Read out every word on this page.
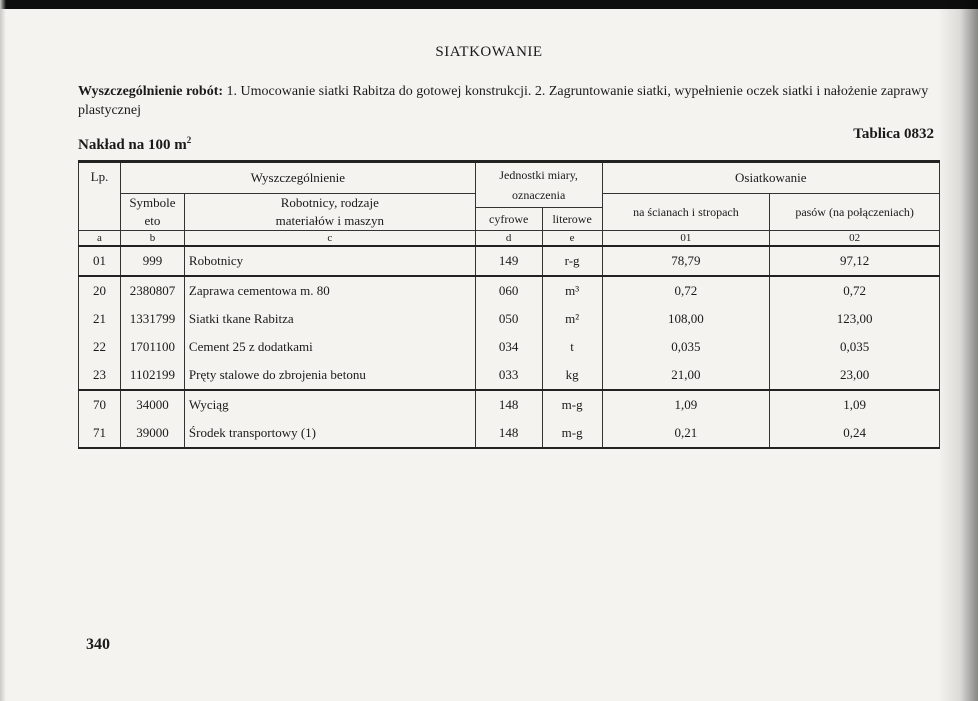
SIATKOWANIE
Wyszczególnienie robót: 1. Umocowanie siatki Rabitza do gotowej konstrukcji. 2. Zagruntowanie siatki, wypełnienie oczek siatki i nałożenie zaprawy plastycznej
Nakład na 100 $m^2$	Tablica 0832
Lp.	Wyszczególnienie		Jednostki miary, oznaczenia		Osiatkowanie	
	Symbole eto	Robotnicy, rodzaje materiałów i maszyn			na ścianach i stropach	pasów (na połączeniach)
			cyfrowe	literowe		
a	b	c	d	e	01	02
01	999	Robotnicy	149	r-g	78,79	97,12
20	2380807	Zaprawa cementowa m. 80	060	m³	0,72	0,72
21	1331799	Siatki tkane Rabitza	050	m²	108,00	123,00
22	1701100	Cement 25 z dodatkami	034	t	0,035	0,035
23	1102199	Pręty stalowe do zbrojenia betonu	033	kg	21,00	23,00
70	34000	Wyciąg	148	m-g	1,09	1,09
71	39000	Środek transportowy (1)	148	m-g	0,21	0,24
340
